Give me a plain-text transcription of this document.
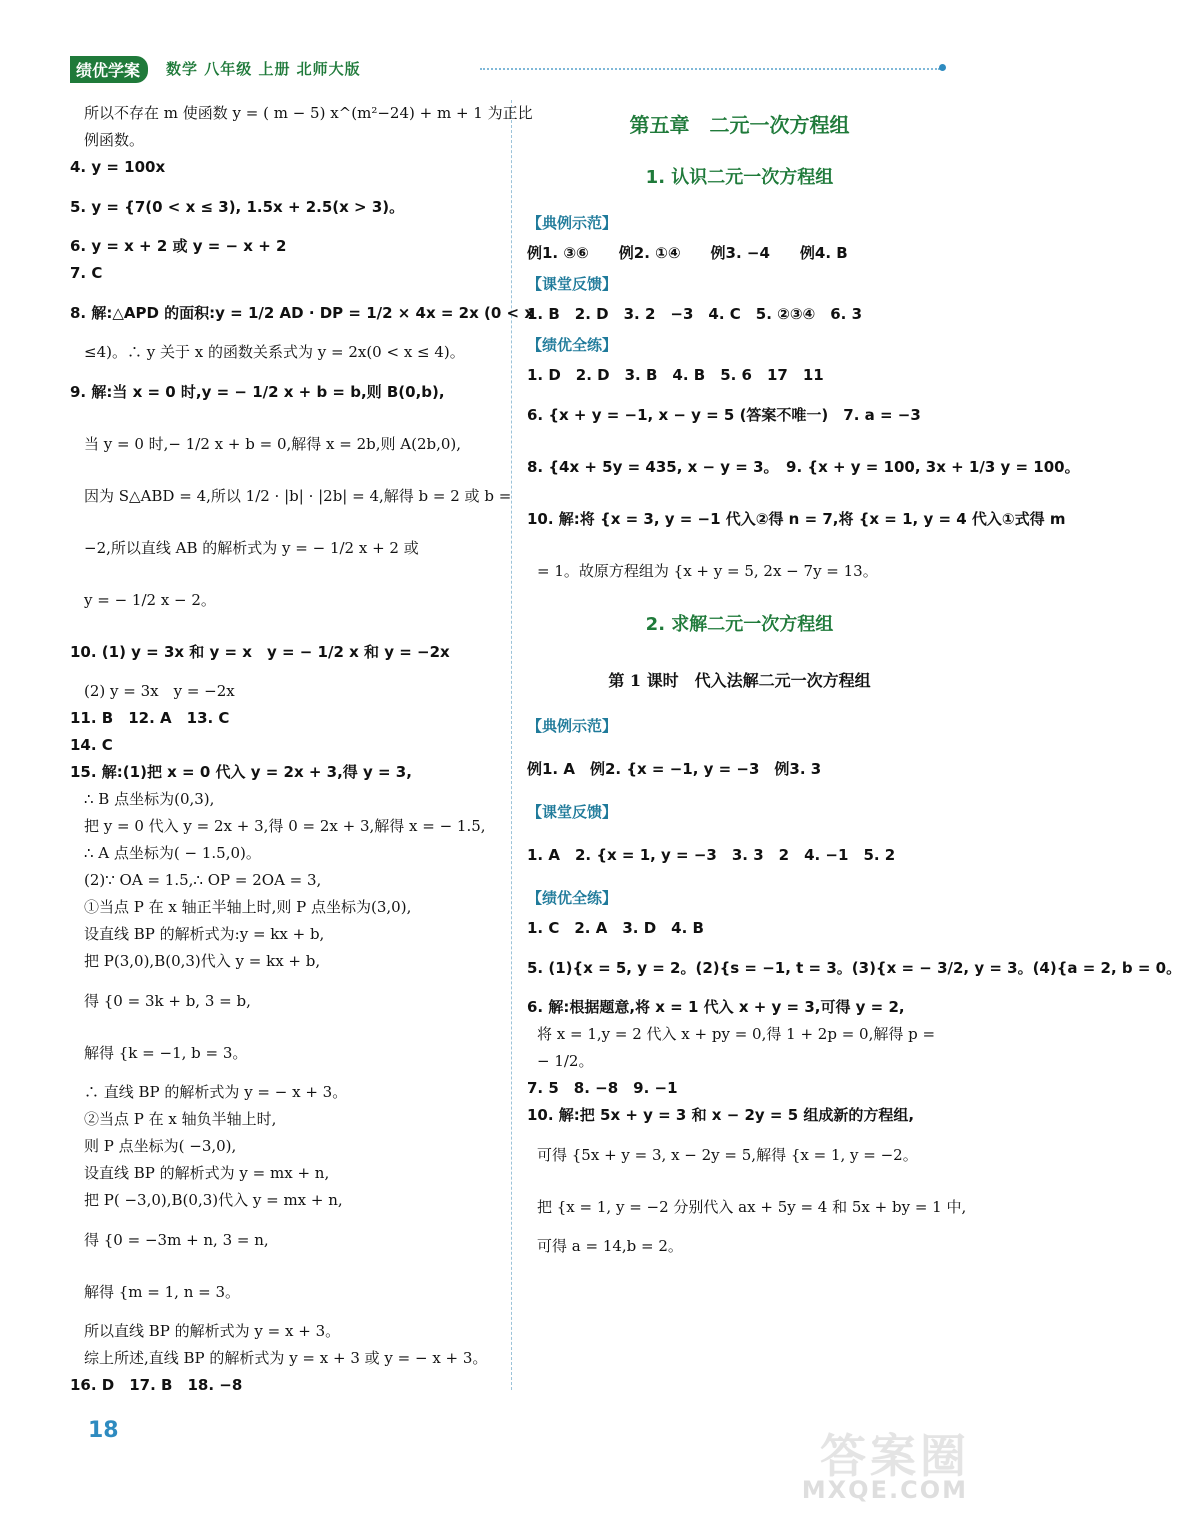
绩优学案	数学 八年级 上册 北师大版
所以不存在 m 使函数 y = ( m − 5) x^(m²−24) + m + 1 为正比
例函数。
4. y = 100x
5. y = {7(0 < x ≤ 3), 1.5x + 2.5(x > 3)。
6. y = x + 2 或 y = − x + 2
7. C
8. 解:△APD 的面积:y = 1/2 AD · DP = 1/2 × 4x = 2x (0 < x
≤4)。∴ y 关于 x 的函数关系式为 y = 2x(0 < x ≤ 4)。
9. 解:当 x = 0 时,y = − 1/2 x + b = b,则 B(0,b),
当 y = 0 时,− 1/2 x + b = 0,解得 x = 2b,则 A(2b,0),
因为 S△ABD = 4,所以 1/2 · |b| · |2b| = 4,解得 b = 2 或 b =
−2,所以直线 AB 的解析式为 y = − 1/2 x + 2 或
y = − 1/2 x − 2。
10. (1) y = 3x 和 y = x　y = − 1/2 x 和 y = −2x
(2) y = 3x　y = −2x
11. B　12. A　13. C
14. C
15. 解:(1)把 x = 0 代入 y = 2x + 3,得 y = 3,
∴ B 点坐标为(0,3),
把 y = 0 代入 y = 2x + 3,得 0 = 2x + 3,解得 x = − 1.5,
∴ A 点坐标为( − 1.5,0)。
(2)∵ OA = 1.5,∴ OP = 2OA = 3,
①当点 P 在 x 轴正半轴上时,则 P 点坐标为(3,0),
设直线 BP 的解析式为:y = kx + b,
把 P(3,0),B(0,3)代入 y = kx + b,
得 {0 = 3k + b, 3 = b,
解得 {k = −1, b = 3。
∴ 直线 BP 的解析式为 y = − x + 3。
②当点 P 在 x 轴负半轴上时,
则 P 点坐标为( −3,0),
设直线 BP 的解析式为 y = mx + n,
把 P( −3,0),B(0,3)代入 y = mx + n,
得 {0 = −3m + n, 3 = n,
解得 {m = 1, n = 3。
所以直线 BP 的解析式为 y = x + 3。
综上所述,直线 BP 的解析式为 y = x + 3 或 y = − x + 3。
16. D　17. B　18. −8
第五章　二元一次方程组
1. 认识二元一次方程组
【典例示范】
例1. ③⑥　　例2. ①④　　例3. −4　　例4. B
【课堂反馈】
1. B　2. D　3. 2　−3　4. C　5. ②③④　6. 3
【绩优全练】
1. D　2. D　3. B　4. B　5. 6　17　11
6. {x + y = −1, x − y = 5 (答案不唯一)　7. a = −3
8. {4x + 5y = 435, x − y = 3。　9. {x + y = 100, 3x + 1/3 y = 100。
10. 解:将 {x = 3, y = −1 代入②得 n = 7,将 {x = 1, y = 4 代入①式得 m
= 1。故原方程组为 {x + y = 5, 2x − 7y = 13。
2. 求解二元一次方程组
第 1 课时　代入法解二元一次方程组
【典例示范】
例1. A　例2. {x = −1, y = −3　例3. 3
【课堂反馈】
1. A　2. {x = 1, y = −3　3. 3　2　4. −1　5. 2
【绩优全练】
1. C　2. A　3. D　4. B
5. (1){x = 5, y = 2。(2){s = −1, t = 3。(3){x = − 3/2, y = 3。(4){a = 2, b = 0。
6. 解:根据题意,将 x = 1 代入 x + y = 3,可得 y = 2,
将 x = 1,y = 2 代入 x + py = 0,得 1 + 2p = 0,解得 p =
− 1/2。
7. 5　8. −8　9. −1
10. 解:把 5x + y = 3 和 x − 2y = 5 组成新的方程组,
可得 {5x + y = 3, x − 2y = 5,解得 {x = 1, y = −2。
把 {x = 1, y = −2 分别代入 ax + 5y = 4 和 5x + by = 1 中,
可得 a = 14,b = 2。
18	答案圈
MXQE.COM
